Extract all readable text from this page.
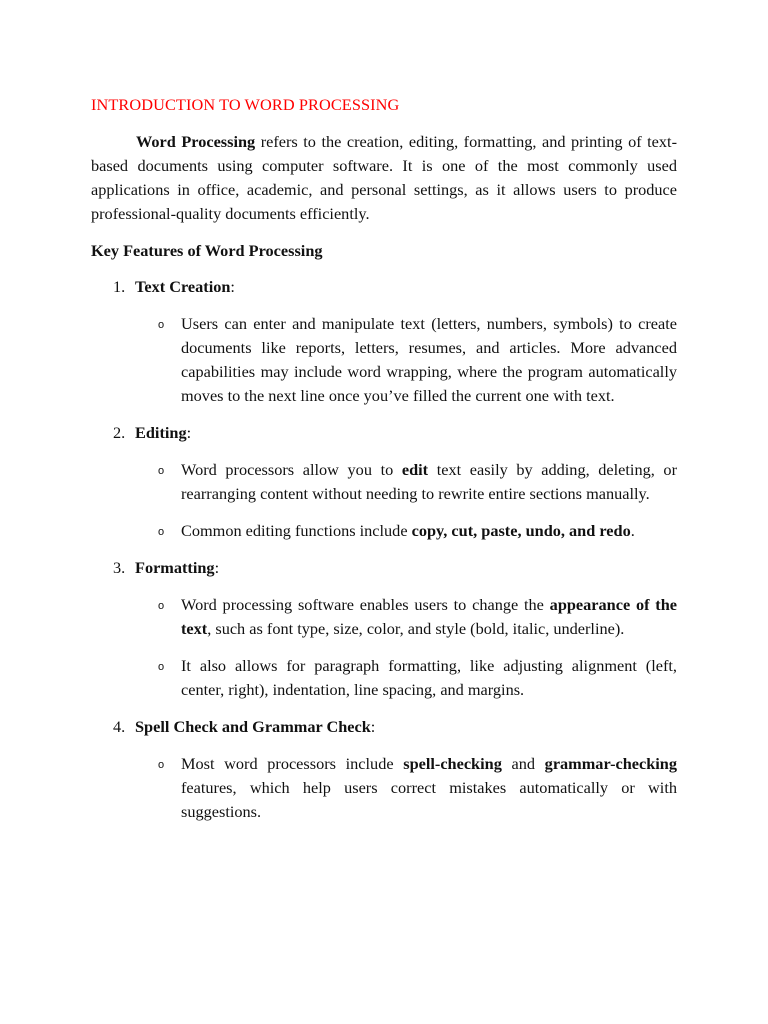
INTRODUCTION TO WORD PROCESSING

Word Processing refers to the creation, editing, formatting, and printing of text-based documents using computer software. It is one of the most commonly used applications in office, academic, and personal settings, as it allows users to produce professional-quality documents efficiently.

Key Features of Word Processing
1. Text Creation:
o Users can enter and manipulate text (letters, numbers, symbols) to create documents like reports, letters, resumes, and articles. More advanced capabilities may include word wrapping, where the program automatically moves to the next line once you’ve filled the current one with text.
2. Editing:
o Word processors allow you to edit text easily by adding, deleting, or rearranging content without needing to rewrite entire sections manually.
o Common editing functions include copy, cut, paste, undo, and redo.
3. Formatting:
o Word processing software enables users to change the appearance of the text, such as font type, size, color, and style (bold, italic, underline).
o It also allows for paragraph formatting, like adjusting alignment (left, center, right), indentation, line spacing, and margins.
4. Spell Check and Grammar Check:
o Most word processors include spell-checking and grammar-checking features, which help users correct mistakes automatically or with suggestions.
